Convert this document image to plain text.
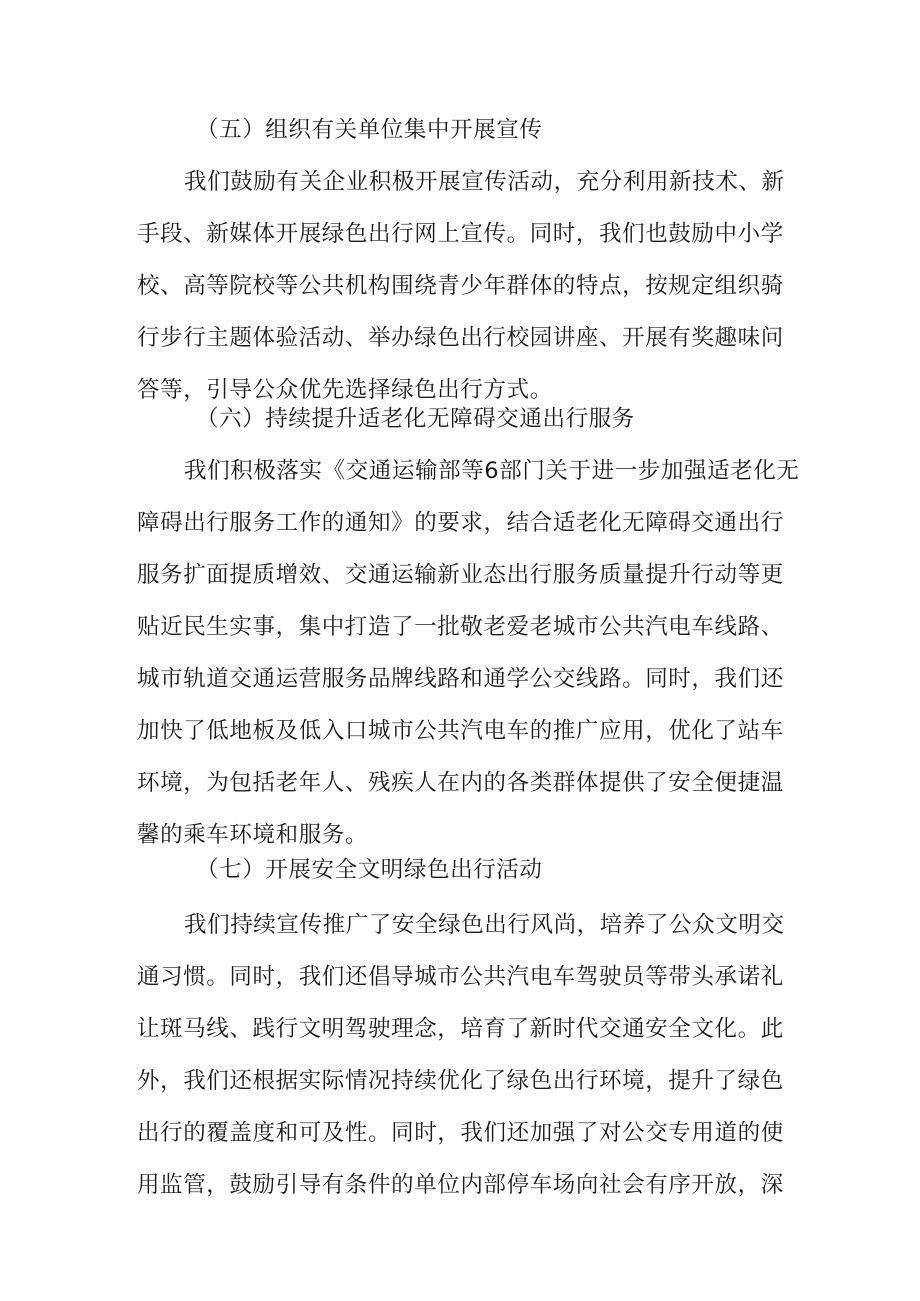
（五）组织有关单位集中开展宣传
我们鼓励有关企业积极开展宣传活动，充分利用新技术、新
手段、新媒体开展绿色出行网上宣传。同时，我们也鼓励中小学
校、高等院校等公共机构围绕青少年群体的特点，按规定组织骑
行步行主题体验活动、举办绿色出行校园讲座、开展有奖趣味问
答等，引导公众优先选择绿色出行方式。
（六）持续提升适老化无障碍交通出行服务
我们积极落实《交通运输部等6部门关于进一步加强适老化无
障碍出行服务工作的通知》的要求，结合适老化无障碍交通出行
服务扩面提质增效、交通运输新业态出行服务质量提升行动等更
贴近民生实事，集中打造了一批敬老爱老城市公共汽电车线路、
城市轨道交通运营服务品牌线路和通学公交线路。同时，我们还
加快了低地板及低入口城市公共汽电车的推广应用，优化了站车
环境，为包括老年人、残疾人在内的各类群体提供了安全便捷温
馨的乘车环境和服务。
（七）开展安全文明绿色出行活动
我们持续宣传推广了安全绿色出行风尚，培养了公众文明交
通习惯。同时，我们还倡导城市公共汽电车驾驶员等带头承诺礼
让斑马线、践行文明驾驶理念，培育了新时代交通安全文化。此
外，我们还根据实际情况持续优化了绿色出行环境，提升了绿色
出行的覆盖度和可及性。同时，我们还加强了对公交专用道的使
用监管，鼓励引导有条件的单位内部停车场向社会有序开放，深
